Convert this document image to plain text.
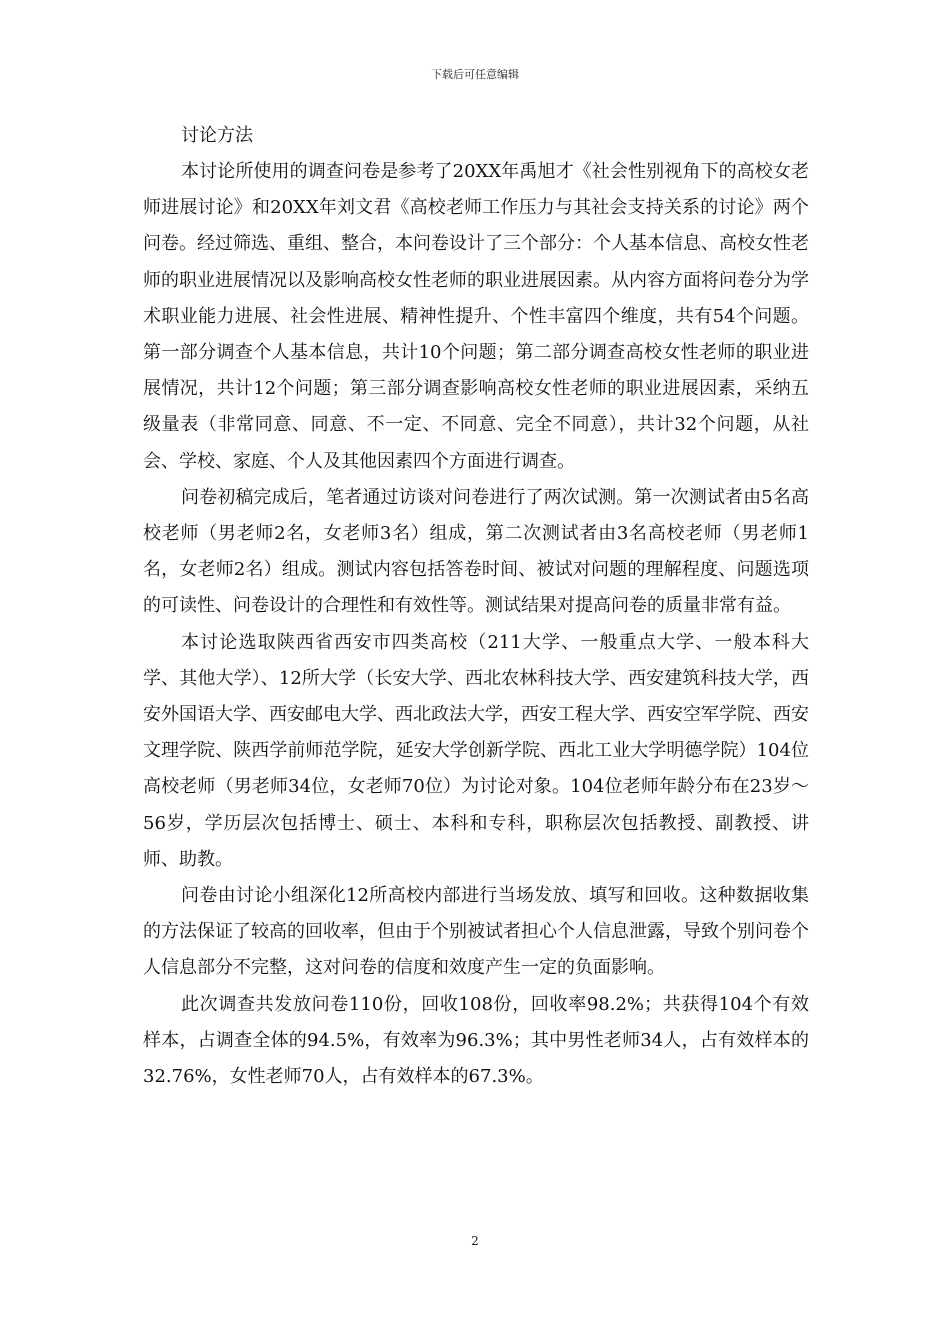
下载后可任意编辑
讨论方法

本讨论所使用的调查问卷是参考了20XX年禹旭才《社会性别视角下的高校女老师进展讨论》和20XX年刘文君《高校老师工作压力与其社会支持关系的讨论》两个问卷。经过筛选、重组、整合，本问卷设计了三个部分：个人基本信息、高校女性老师的职业进展情况以及影响高校女性老师的职业进展因素。从内容方面将问卷分为学术职业能力进展、社会性进展、精神性提升、个性丰富四个维度，共有54个问题。第一部分调查个人基本信息，共计10个问题；第二部分调查高校女性老师的职业进展情况，共计12个问题；第三部分调查影响高校女性老师的职业进展因素，采纳五级量表（非常同意、同意、不一定、不同意、完全不同意），共计32个问题，从社会、学校、家庭、个人及其他因素四个方面进行调查。

问卷初稿完成后，笔者通过访谈对问卷进行了两次试测。第一次测试者由5名高校老师（男老师2名，女老师3名）组成，第二次测试者由3名高校老师（男老师1名，女老师2名）组成。测试内容包括答卷时间、被试对问题的理解程度、问题选项的可读性、问卷设计的合理性和有效性等。测试结果对提高问卷的质量非常有益。

本讨论选取陕西省西安市四类高校（211大学、一般重点大学、一般本科大学、其他大学）、12所大学（长安大学、西北农林科技大学、西安建筑科技大学，西安外国语大学、西安邮电大学、西北政法大学，西安工程大学、西安空军学院、西安文理学院、陕西学前师范学院，延安大学创新学院、西北工业大学明德学院）104位高校老师（男老师34位，女老师70位）为讨论对象。104位老师年龄分布在23岁～56岁，学历层次包括博士、硕士、本科和专科，职称层次包括教授、副教授、讲师、助教。

问卷由讨论小组深化12所高校内部进行当场发放、填写和回收。这种数据收集的方法保证了较高的回收率，但由于个别被试者担心个人信息泄露，导致个别问卷个人信息部分不完整，这对问卷的信度和效度产生一定的负面影响。

此次调查共发放问卷110份，回收108份，回收率98.2%；共获得104个有效样本，占调查全体的94.5%，有效率为96.3%；其中男性老师34人，占有效样本的32.76%，女性老师70人，占有效样本的67.3%。

2
